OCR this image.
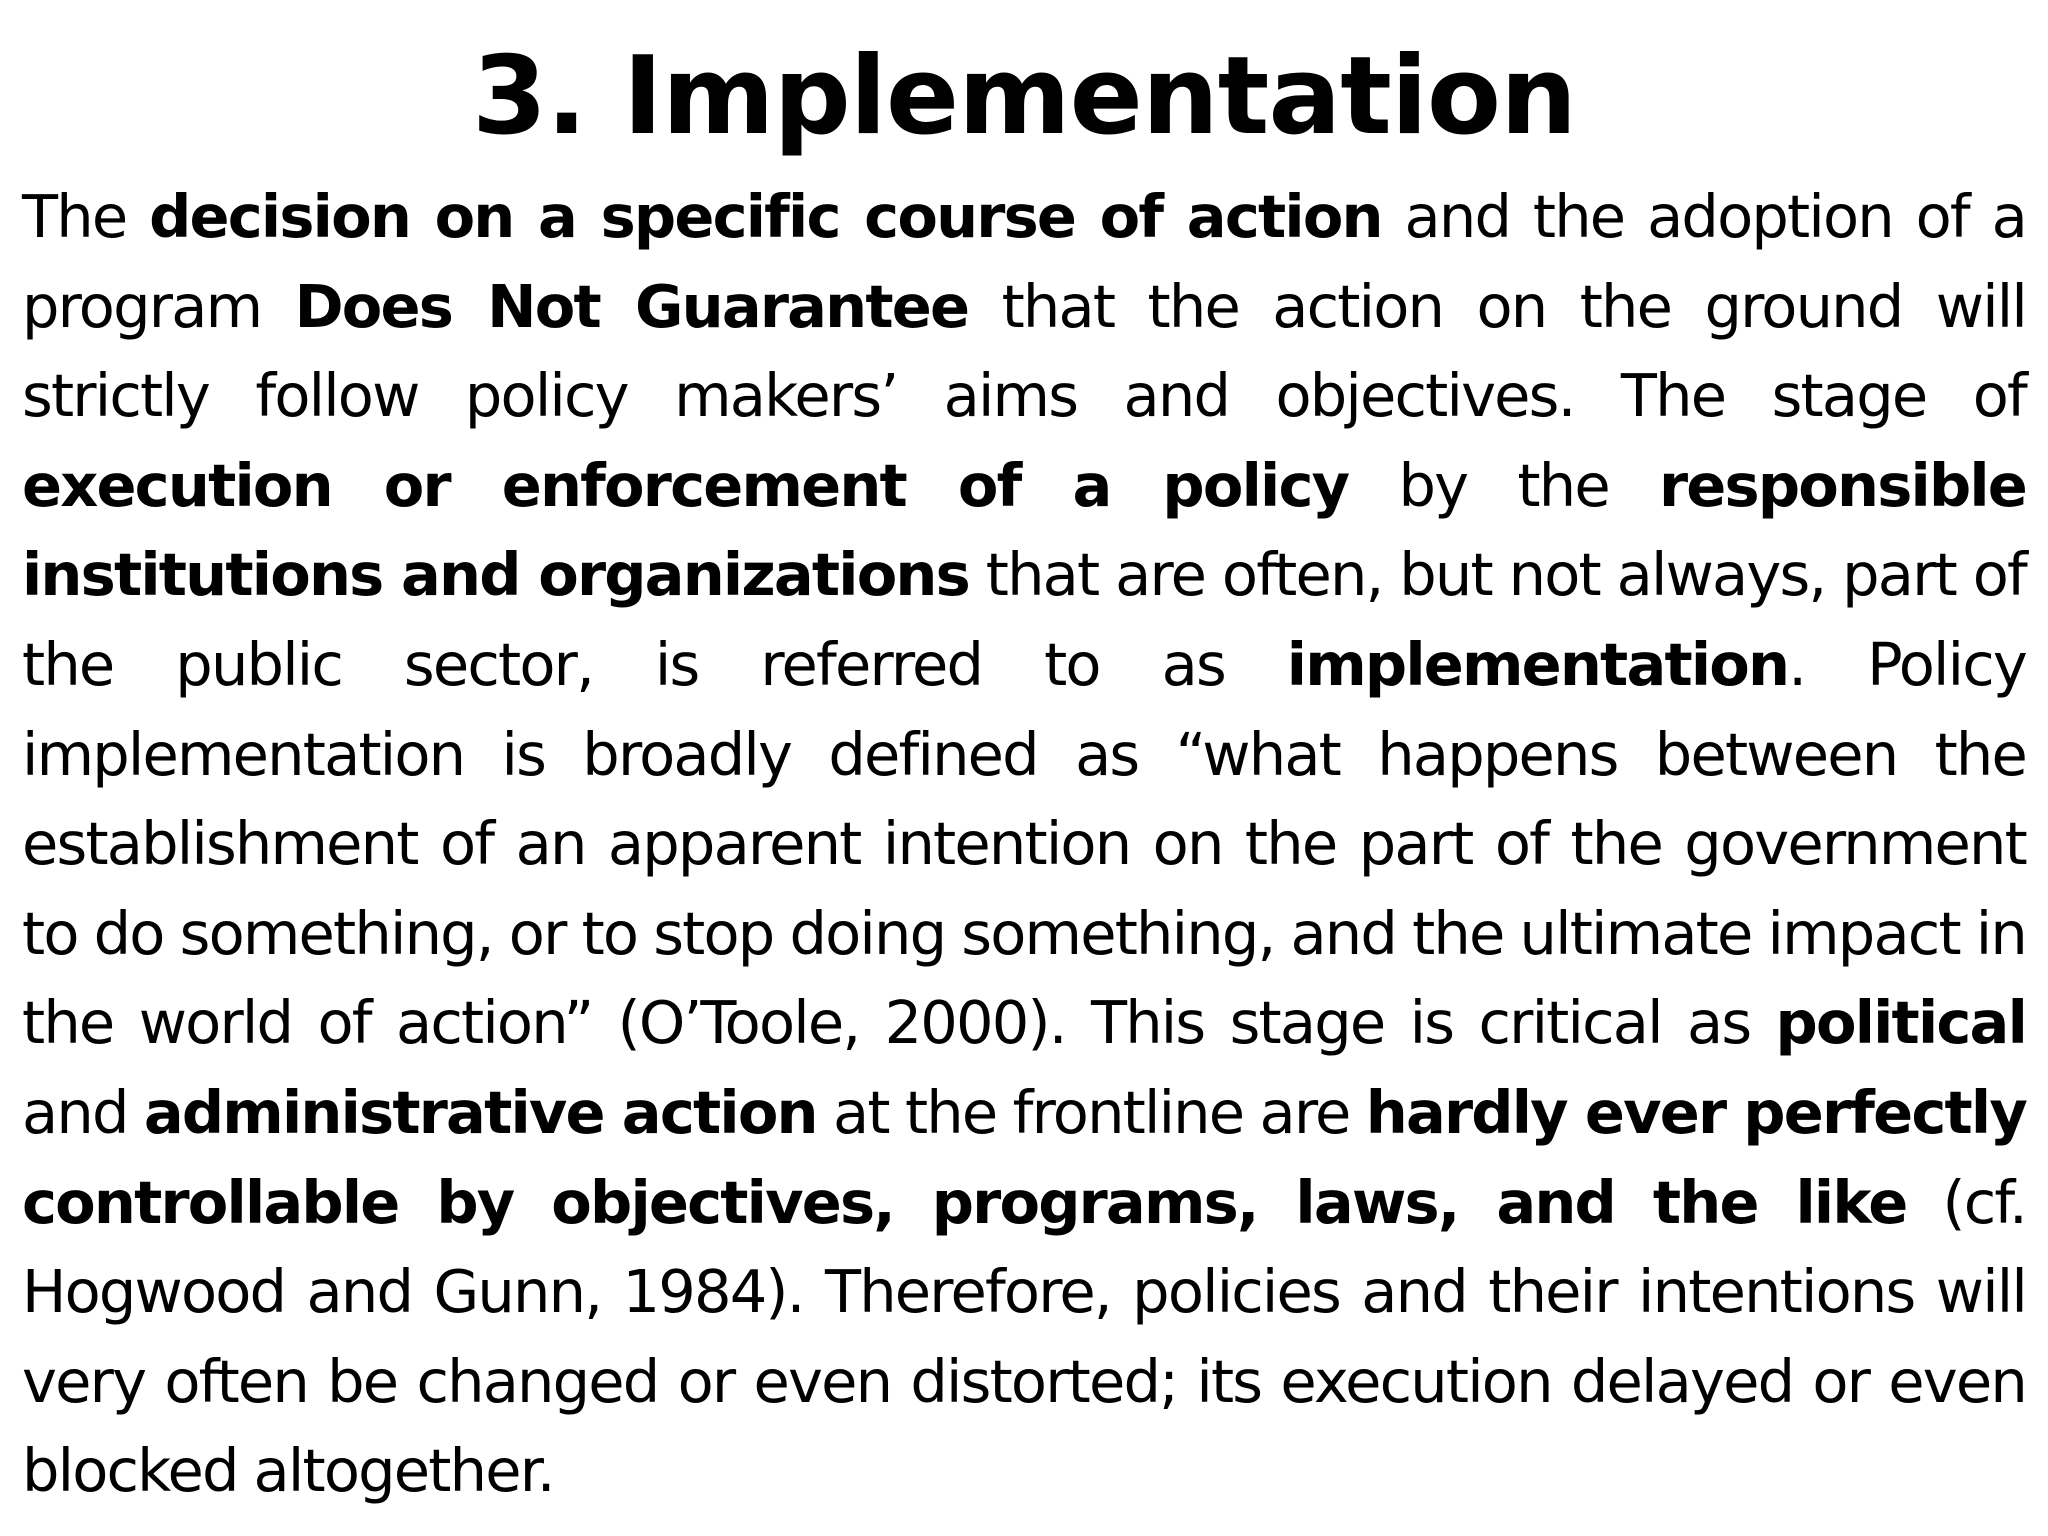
3. Implementation

The decision on a specific course of action and the adoption of a program Does Not Guarantee that the action on the ground will strictly follow policy makers’ aims and objectives. The stage of execution or enforcement of a policy by the responsible institutions and organizations that are often, but not always, part of the public sector, is referred to as implementation. Policy implementation is broadly defined as “what happens between the establishment of an apparent intention on the part of the government to do something, or to stop doing something, and the ultimate impact in the world of action” (O’Toole, 2000). This stage is critical as political and administrative action at the frontline are hardly ever perfectly controllable by objectives, programs, laws, and the like (cf. Hogwood and Gunn, 1984). Therefore, policies and their intentions will very often be changed or even distorted; its execution delayed or even blocked altogether.
